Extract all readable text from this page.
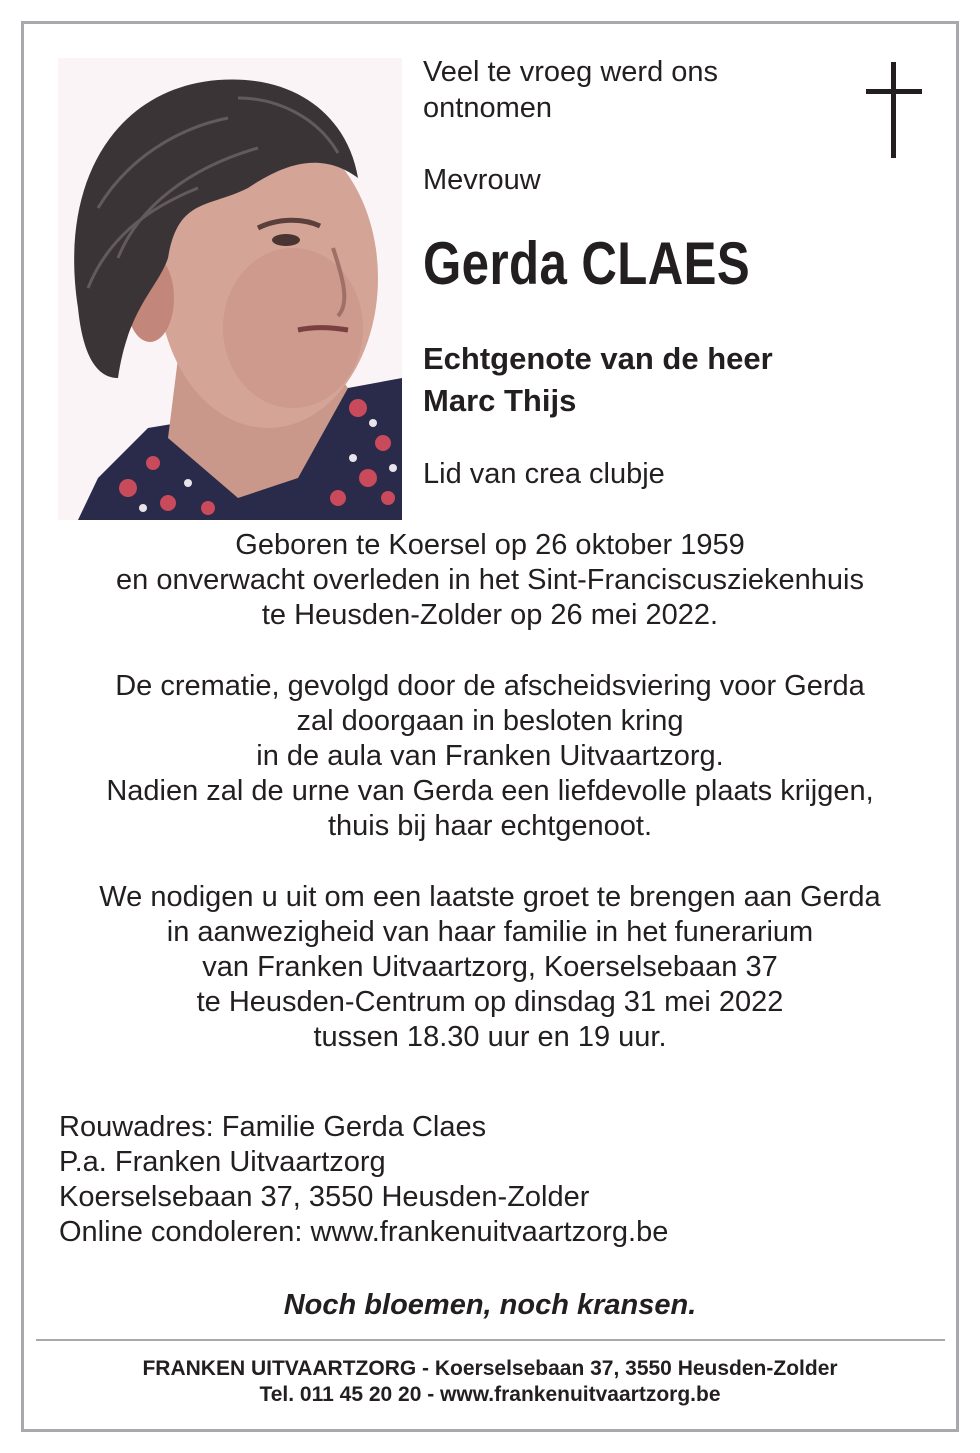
Veel te vroeg werd ons
ontnomen
Mevrouw
Gerda CLAES
Echtgenote van de heer
Marc Thijs
Lid van crea clubje
Geboren te Koersel op 26 oktober 1959
en onverwacht overleden in het Sint-Franciscusziekenhuis
te Heusden-Zolder op 26 mei 2022.
De crematie, gevolgd door de afscheidsviering voor Gerda
zal doorgaan in besloten kring
in de aula van Franken Uitvaartzorg.
Nadien zal de urne van Gerda een liefdevolle plaats krijgen,
thuis bij haar echtgenoot.
We nodigen u uit om een laatste groet te brengen aan Gerda
in aanwezigheid van haar familie in het funerarium
van Franken Uitvaartzorg, Koerselsebaan 37
te Heusden-Centrum op dinsdag 31 mei 2022
tussen 18.30 uur en 19 uur.
Rouwadres: Familie Gerda Claes
P.a. Franken Uitvaartzorg
Koerselsebaan 37, 3550 Heusden-Zolder
Online condoleren: www.frankenuitvaartzorg.be
Noch bloemen, noch kransen.
FRANKEN UITVAARTZORG - Koerselsebaan 37, 3550 Heusden-Zolder
Tel. 011 45 20 20 - www.frankenuitvaartzorg.be
